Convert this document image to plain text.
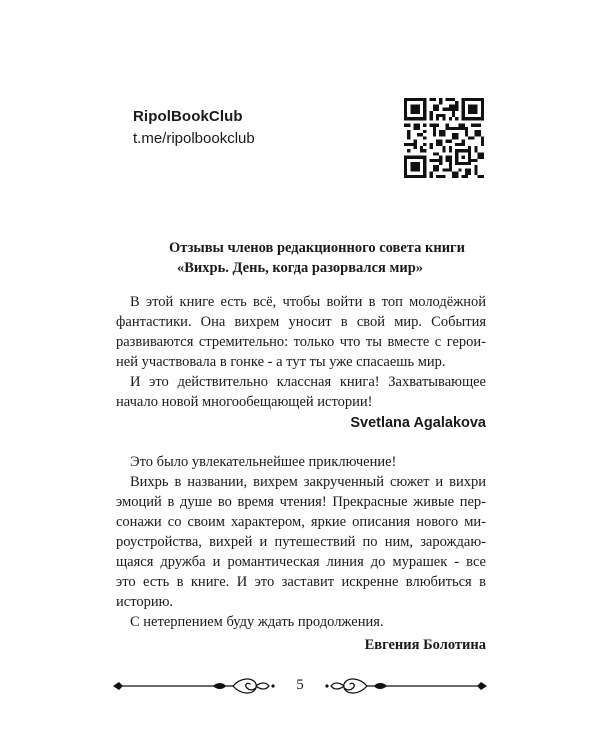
RipolBookClub
t.me/ripolbookclub
Отзывы членов редакционного совета книги
«Вихрь. День, когда разорвался мир»
В этой книге есть всё, чтобы войти в топ молодёжной
фантастики. Она вихрем уносит в свой мир. События
развиваются стремительно: только что ты вместе с герои-
ней участвовала в гонке - а тут ты уже спасаешь мир.
И это действительно классная книга! Захватывающее
начало новой многообещающей истории!
Svetlana Agalakova
Это было увлекательнейшее приключение!
Вихрь в названии, вихрем закрученный сюжет и вихри
эмоций в душе во время чтения! Прекрасные живые пер-
сонажи со своим характером, яркие описания нового ми-
роустройства, вихрей и путешествий по ним, зарождаю-
щаяся дружба и романтическая линия до мурашек - все
это есть в книге. И это заставит искренне влюбиться в
историю.
С нетерпением буду ждать продолжения.
Евгения Болотина
5
